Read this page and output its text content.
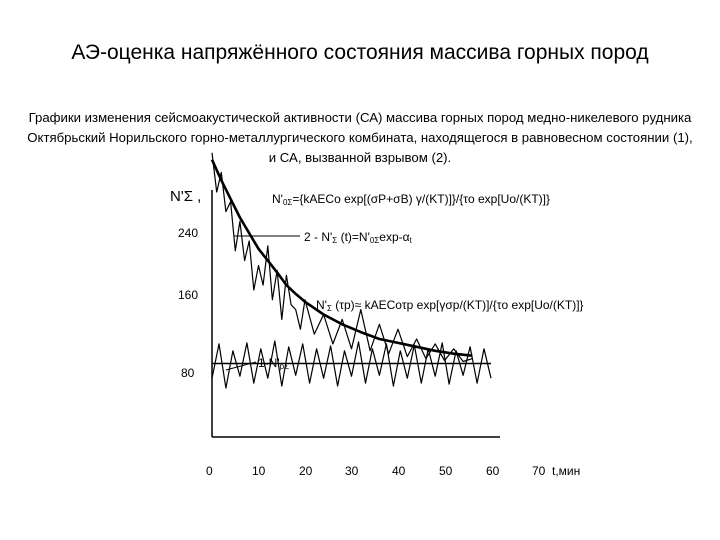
АЭ-оценка напряжённого состояния массива горных пород
Графики изменения сейсмоакустической активности (СА) массива горных пород медно-никелевого рудника Октябрьский Норильского горно-металлургического комбината, находящегося в равновесном состоянии (1), и СА, вызванной взрывом (2).
N'Σ ,
240
160
80
0	10	20	30	40	50	60	70 t,мин
$N'_{0\Sigma}=\{kAECo$ exp[(σP+σB) γ/(KT)]}/{τo exp[Uo/(KT)]}
$2 - N'_\Sigma$ $(t)=N'_{0\Sigma}\exp-\alpha_t$
$N'_\Sigma$ (τp)≈ kAECoτp exp[γσp/(KT)]/{τo exp[Uo/(KT)]}
$1-N'_{p\Sigma}$
